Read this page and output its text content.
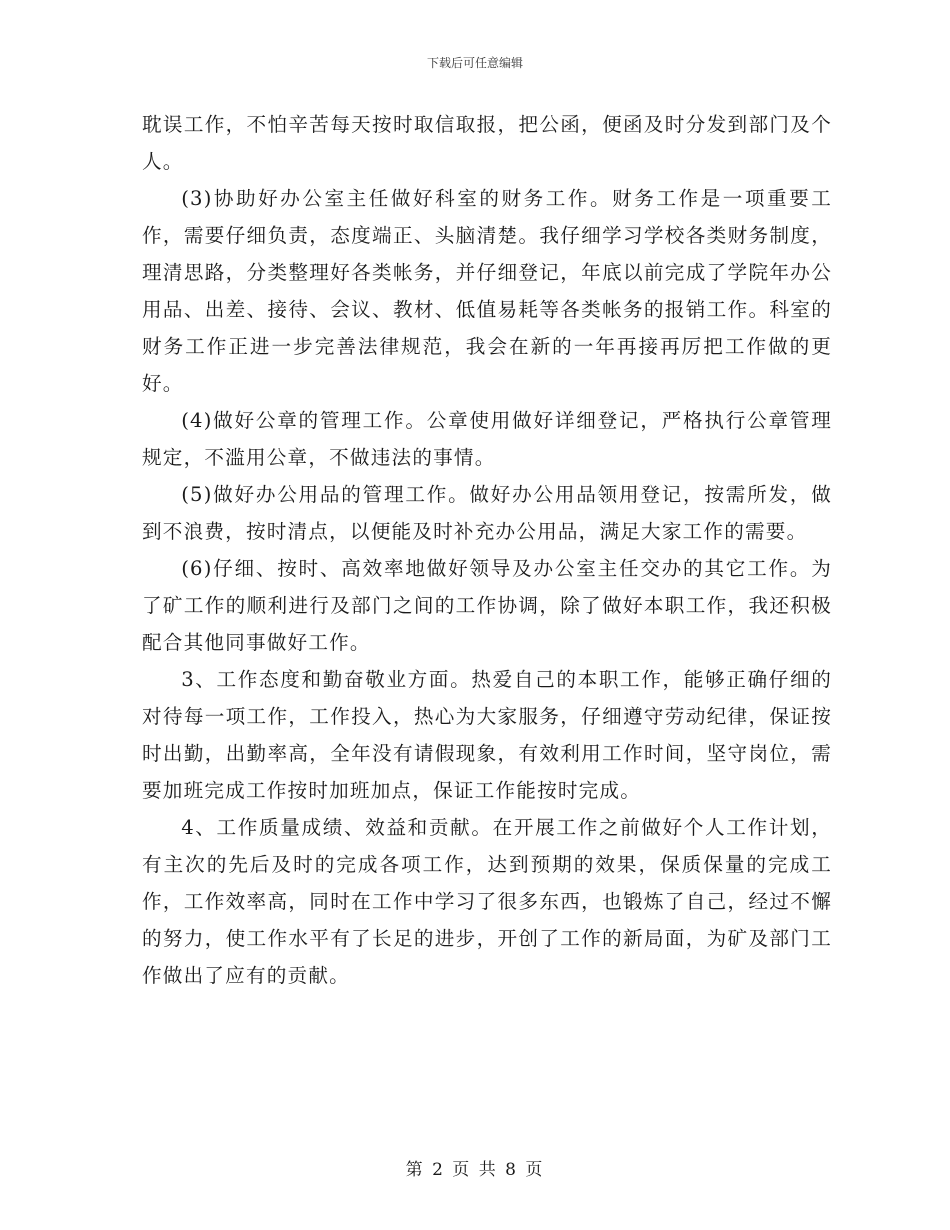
下载后可任意编辑

耽误工作，不怕辛苦每天按时取信取报，把公函，便函及时分发到部门及个人。

(3)协助好办公室主任做好科室的财务工作。财务工作是一项重要工作，需要仔细负责，态度端正、头脑清楚。我仔细学习学校各类财务制度，理清思路，分类整理好各类帐务，并仔细登记，年底以前完成了学院年办公用品、出差、接待、会议、教材、低值易耗等各类帐务的报销工作。科室的财务工作正进一步完善法律规范，我会在新的一年再接再厉把工作做的更好。

(4)做好公章的管理工作。公章使用做好详细登记，严格执行公章管理规定，不滥用公章，不做违法的事情。

(5)做好办公用品的管理工作。做好办公用品领用登记，按需所发，做到不浪费，按时清点，以便能及时补充办公用品，满足大家工作的需要。

(6)仔细、按时、高效率地做好领导及办公室主任交办的其它工作。为了矿工作的顺利进行及部门之间的工作协调，除了做好本职工作，我还积极配合其他同事做好工作。

3、工作态度和勤奋敬业方面。热爱自己的本职工作，能够正确仔细的对待每一项工作，工作投入，热心为大家服务，仔细遵守劳动纪律，保证按时出勤，出勤率高，全年没有请假现象，有效利用工作时间，坚守岗位，需要加班完成工作按时加班加点，保证工作能按时完成。

4、工作质量成绩、效益和贡献。在开展工作之前做好个人工作计划，有主次的先后及时的完成各项工作，达到预期的效果，保质保量的完成工作，工作效率高，同时在工作中学习了很多东西，也锻炼了自己，经过不懈的努力，使工作水平有了长足的进步，开创了工作的新局面，为矿及部门工作做出了应有的贡献。

第 2 页 共 8 页
